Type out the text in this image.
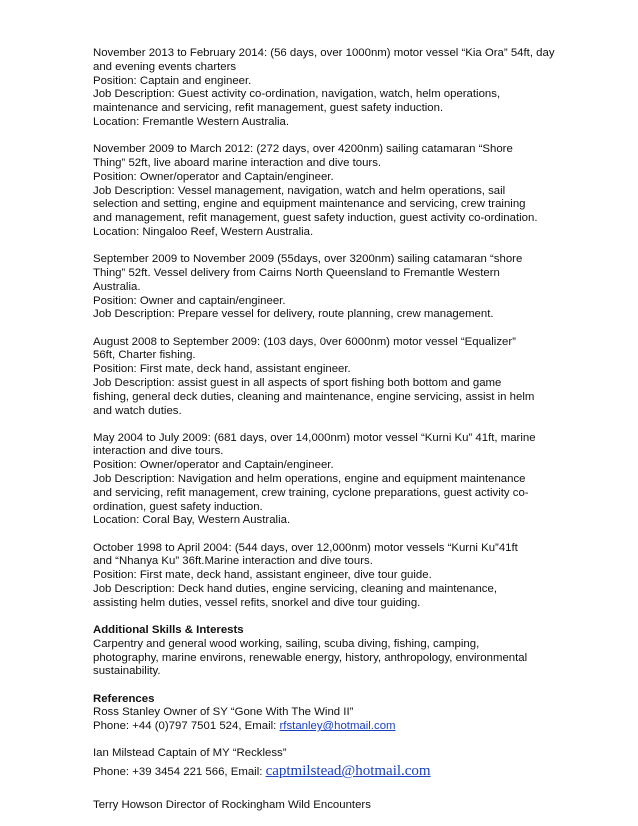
November 2013 to February 2014: (56 days, over 1000nm) motor vessel “Kia Ora” 54ft, day
and evening events charters
Position: Captain and engineer.
Job Description: Guest activity co-ordination, navigation, watch, helm operations,
maintenance and servicing, refit management, guest safety induction.
Location: Fremantle Western Australia.
November 2009 to March 2012: (272 days, over 4200nm) sailing catamaran “Shore
Thing” 52ft, live aboard marine interaction and dive tours.
Position: Owner/operator and Captain/engineer.
Job Description: Vessel management, navigation, watch and helm operations, sail
selection and setting, engine and equipment maintenance and servicing, crew training
and management, refit management, guest safety induction, guest activity co-ordination.
Location: Ningaloo Reef, Western Australia.
September 2009 to November 2009 (55days, over 3200nm) sailing catamaran “shore
Thing” 52ft. Vessel delivery from Cairns North Queensland to Fremantle Western
Australia.
Position: Owner and captain/engineer.
Job Description: Prepare vessel for delivery, route planning, crew management.
August 2008 to September 2009: (103 days, 0ver 6000nm) motor vessel “Equalizer”
56ft, Charter fishing.
Position: First mate, deck hand, assistant engineer.
Job Description: assist guest in all aspects of sport fishing both bottom and game
fishing, general deck duties, cleaning and maintenance, engine servicing, assist in helm
and watch duties.
May 2004 to July 2009: (681 days, over 14,000nm) motor vessel “Kurni Ku” 41ft, marine
interaction and dive tours.
Position: Owner/operator and Captain/engineer.
Job Description: Navigation and helm operations, engine and equipment maintenance
and servicing, refit management, crew training, cyclone preparations, guest activity co-
ordination, guest safety induction.
Location: Coral Bay, Western Australia.
October 1998 to April 2004: (544 days, over 12,000nm) motor vessels “Kurni Ku”41ft
and “Nhanya Ku” 36ft.Marine interaction and dive tours.
Position: First mate, deck hand, assistant engineer, dive tour guide.
Job Description: Deck hand duties, engine servicing, cleaning and maintenance,
assisting helm duties, vessel refits, snorkel and dive tour guiding.
Additional Skills & Interests
Carpentry and general wood working, sailing, scuba diving, fishing, camping,
photography, marine environs, renewable energy, history, anthropology, environmental
sustainability.
References
Ross Stanley Owner of SY “Gone With The Wind II”
Phone: +44 (0)797 7501 524, Email: rfstanley@hotmail.com
Ian Milstead Captain of MY “Reckless”
Phone: +39 3454 221 566, Email: captmilstead@hotmail.com
Terry Howson Director of Rockingham Wild Encounters
